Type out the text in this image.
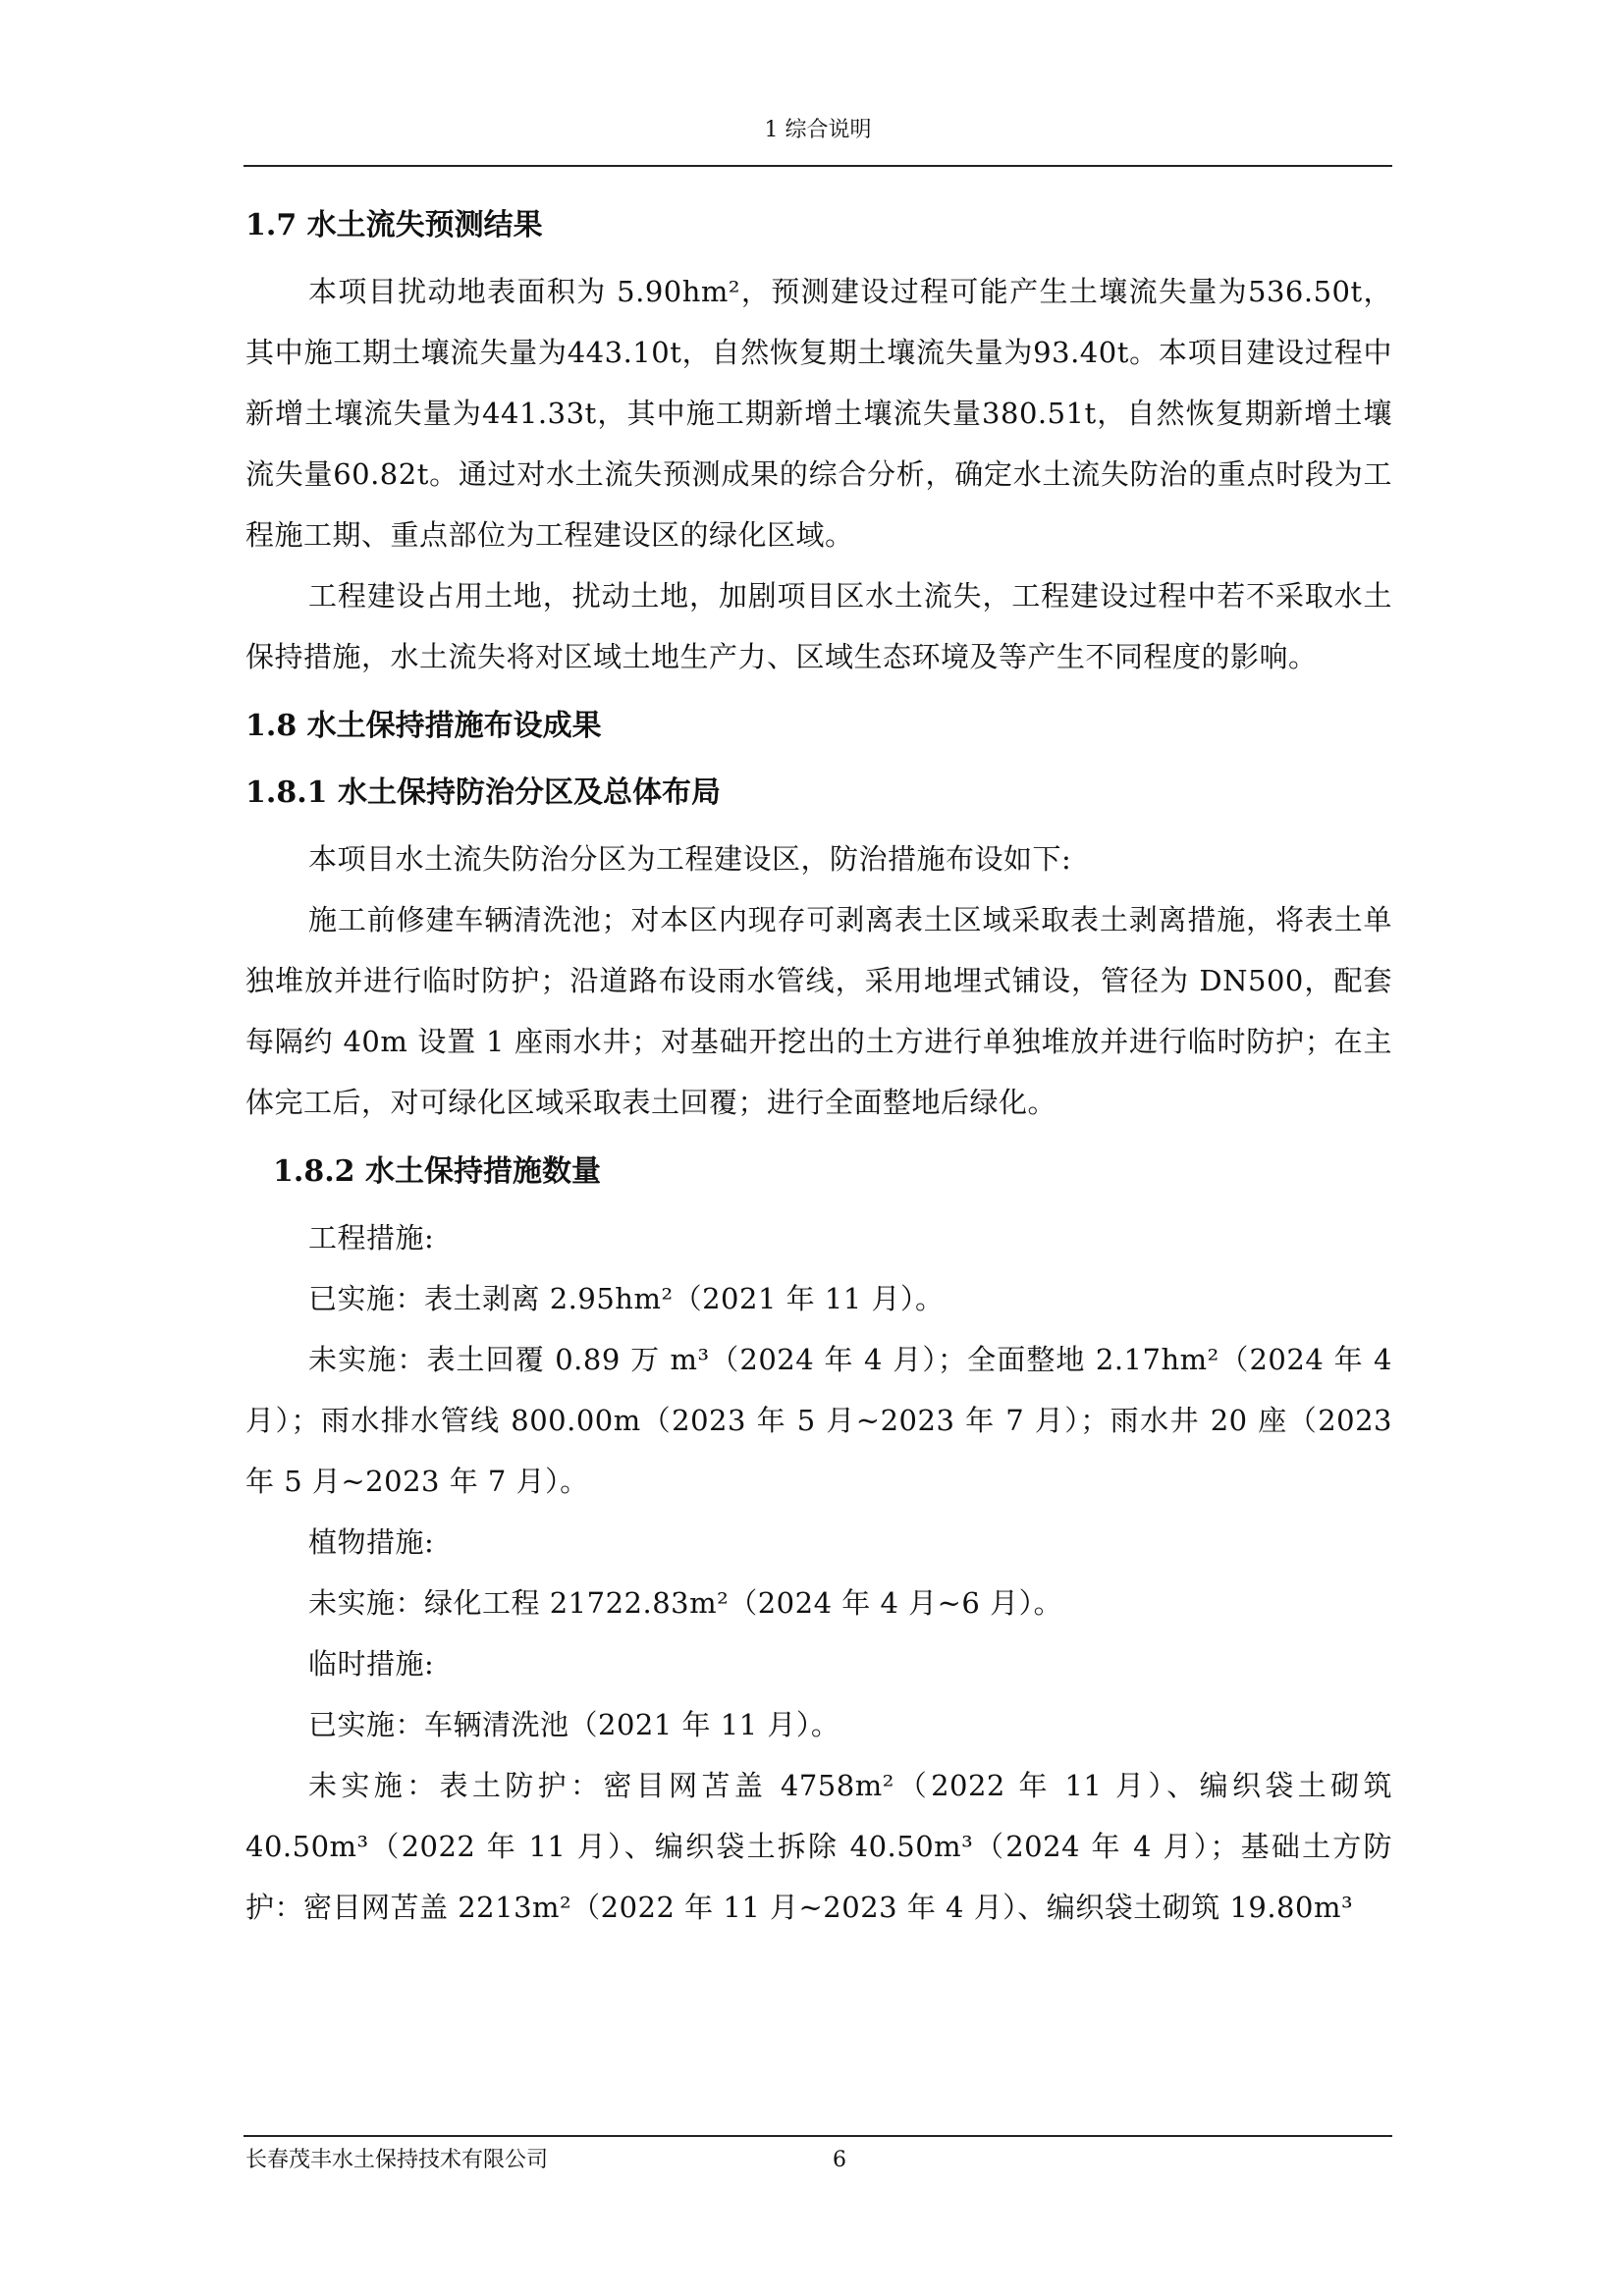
1 综合说明
1.7 水土流失预测结果

本项目扰动地表面积为 5.90hm²，预测建设过程可能产生土壤流失量为536.50t，其中施工期土壤流失量为443.10t，自然恢复期土壤流失量为93.40t。本项目建设过程中新增土壤流失量为441.33t，其中施工期新增土壤流失量380.51t，自然恢复期新增土壤流失量60.82t。通过对水土流失预测成果的综合分析，确定水土流失防治的重点时段为工程施工期、重点部位为工程建设区的绿化区域。

工程建设占用土地，扰动土地，加剧项目区水土流失，工程建设过程中若不采取水土保持措施，水土流失将对区域土地生产力、区域生态环境及等产生不同程度的影响。

1.8 水土保持措施布设成果
1.8.1 水土保持防治分区及总体布局

本项目水土流失防治分区为工程建设区，防治措施布设如下:

施工前修建车辆清洗池；对本区内现存可剥离表土区域采取表土剥离措施，将表土单独堆放并进行临时防护；沿道路布设雨水管线，采用地埋式铺设，管径为 DN500，配套每隔约 40m 设置 1 座雨水井；对基础开挖出的土方进行单独堆放并进行临时防护；在主体完工后，对可绿化区域采取表土回覆；进行全面整地后绿化。

1.8.2 水土保持措施数量

工程措施:

已实施：表土剥离 2.95hm²（2021 年 11 月）。

未实施：表土回覆 0.89 万 m³（2024 年 4 月）；全面整地 2.17hm²（2024 年 4 月）；雨水排水管线 800.00m（2023 年 5 月~2023 年 7 月）；雨水井 20 座（2023 年 5 月~2023 年 7 月）。

植物措施:

未实施：绿化工程 21722.83m²（2024 年 4 月~6 月）。

临时措施:

已实施：车辆清洗池（2021 年 11 月）。

未实施：表土防护：密目网苫盖 4758m²（2022 年 11 月）、编织袋土砌筑 40.50m³（2022 年 11 月）、编织袋土拆除 40.50m³（2024 年 4 月）；基础土方防护：密目网苫盖 2213m²（2022 年 11 月~2023 年 4 月）、编织袋土砌筑 19.80m³

长春茂丰水土保持技术有限公司	6
